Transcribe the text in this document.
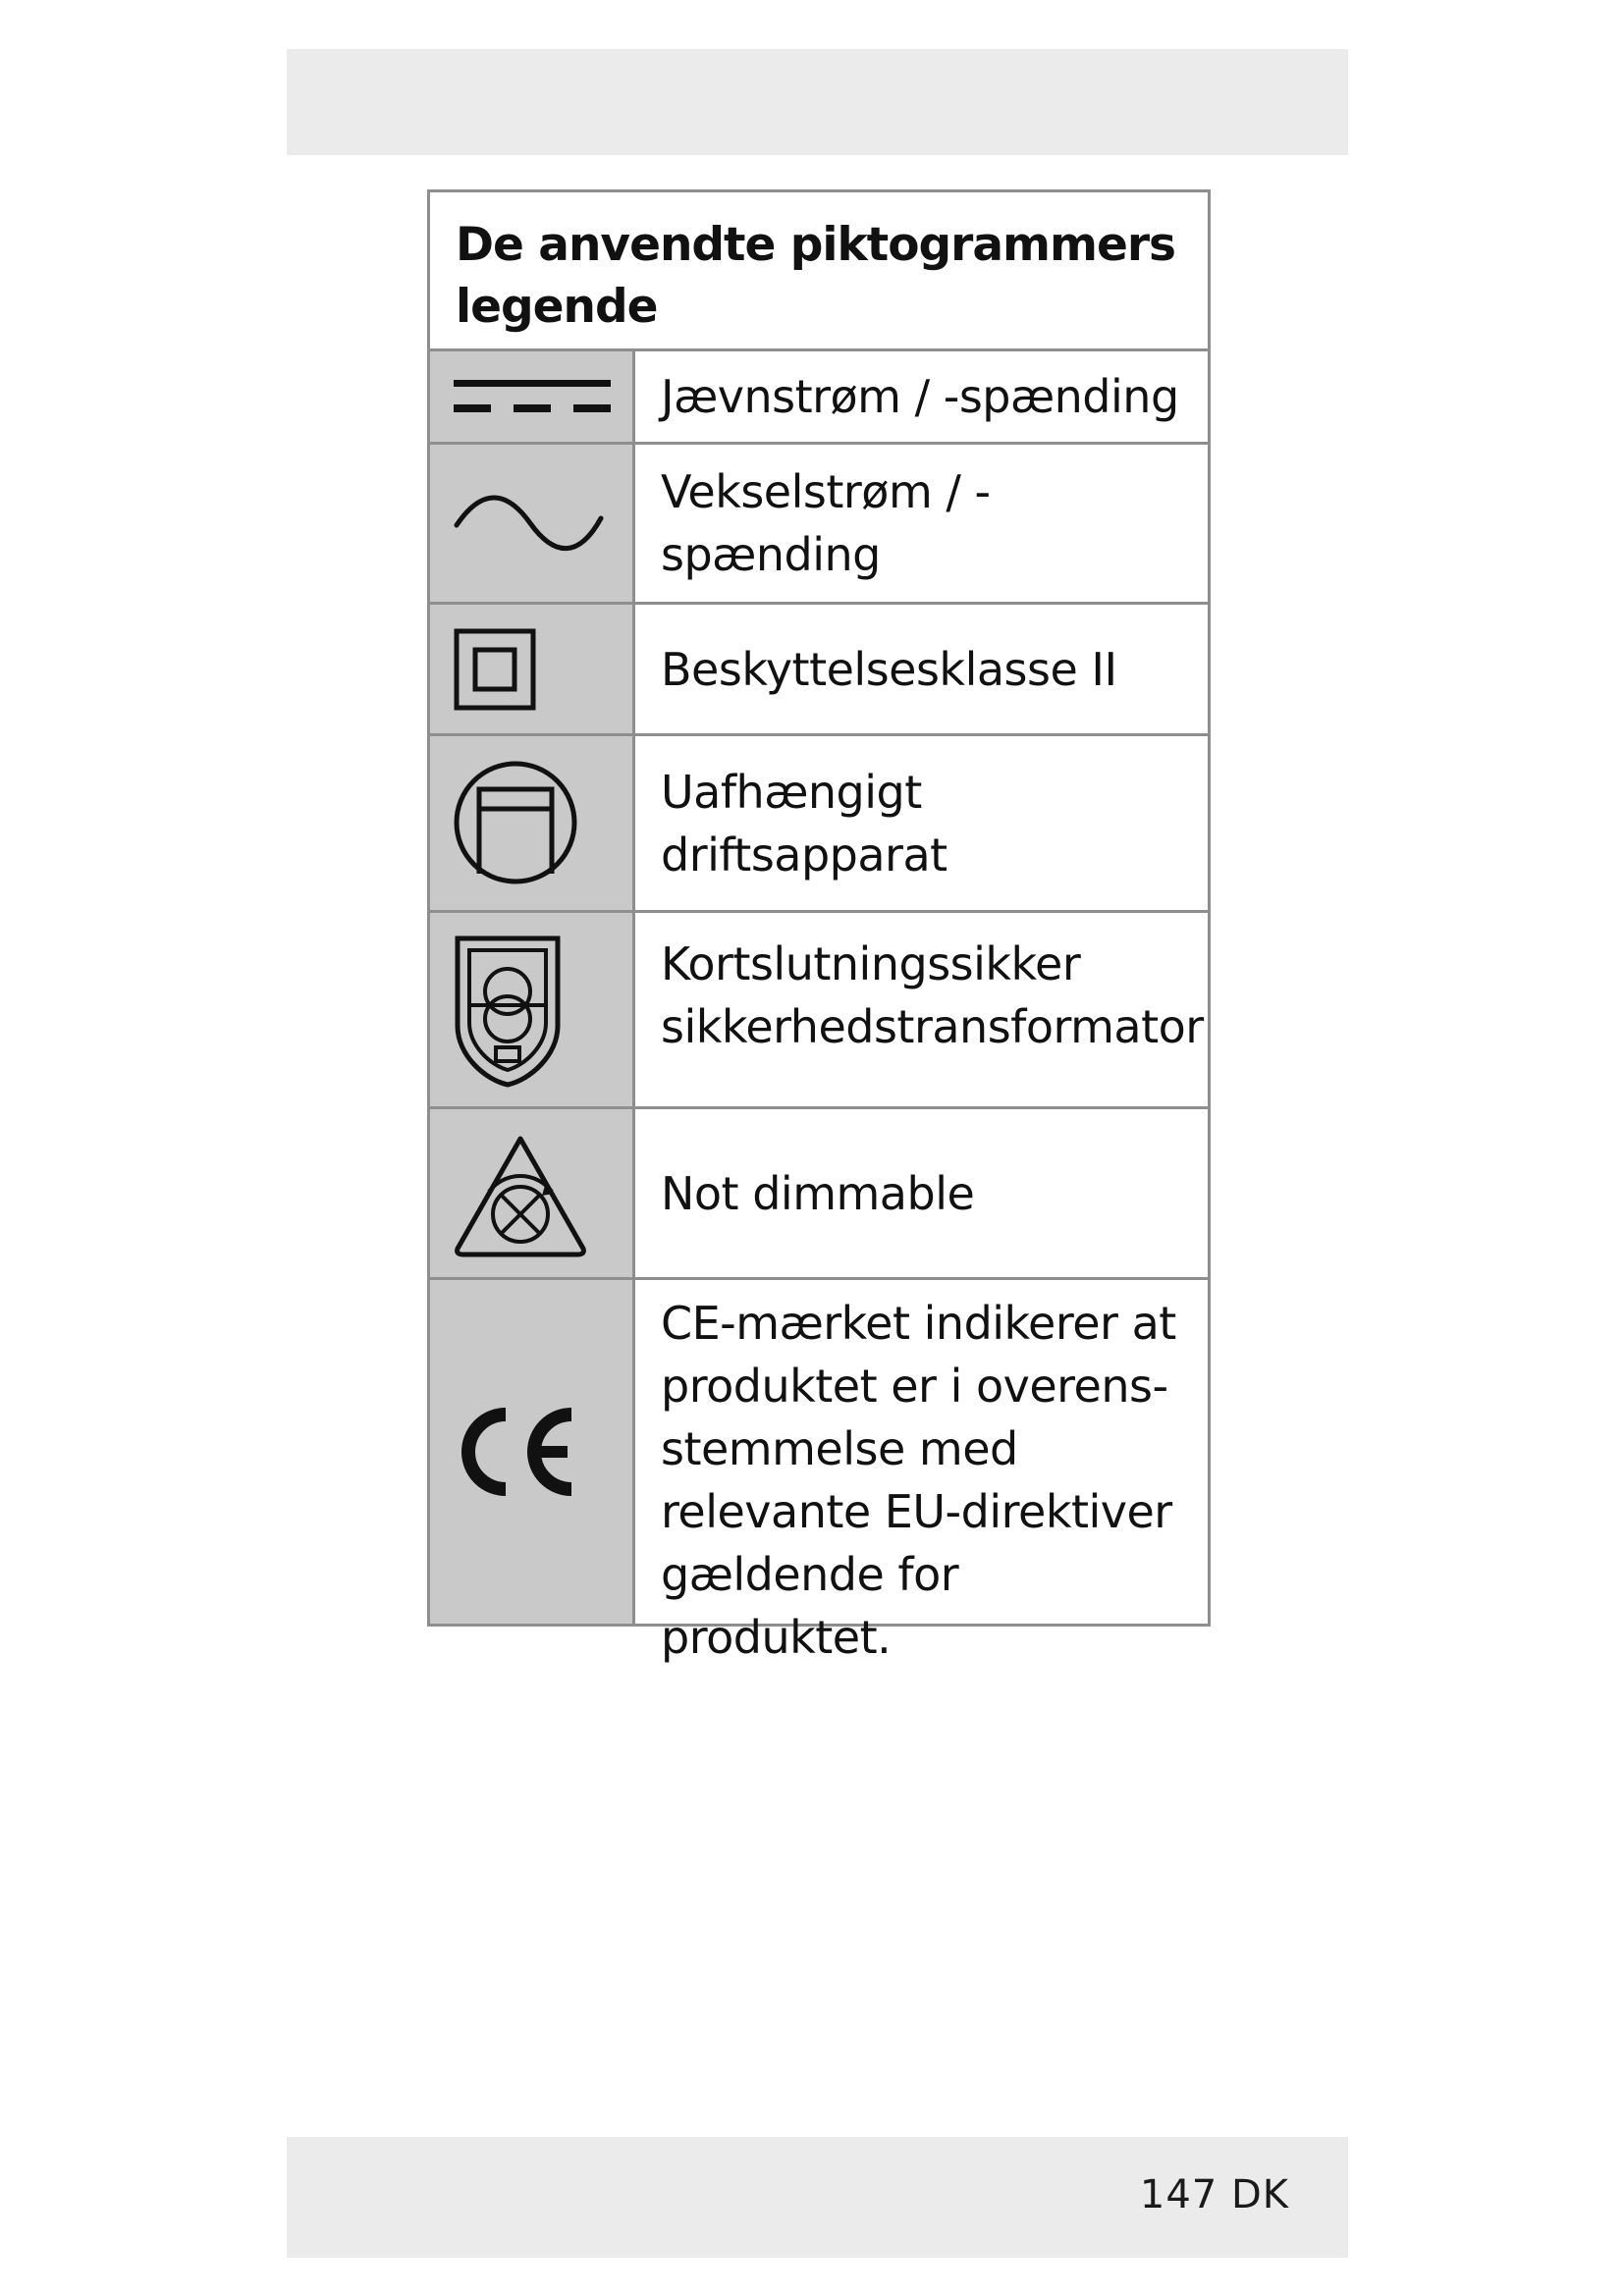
De anvendte piktogrammers legende
Jævnstrøm / -spænding
Vekselstrøm / -spænding
Beskyttelsesklasse II
Uafhængigt driftsapparat
Kortslutningssikker sikkerhedstransformator
Not dimmable
CE-mærket indikerer at produktet er i overens-stemmelse med relevante EU-direktiver gældende for produktet.
147 DK
